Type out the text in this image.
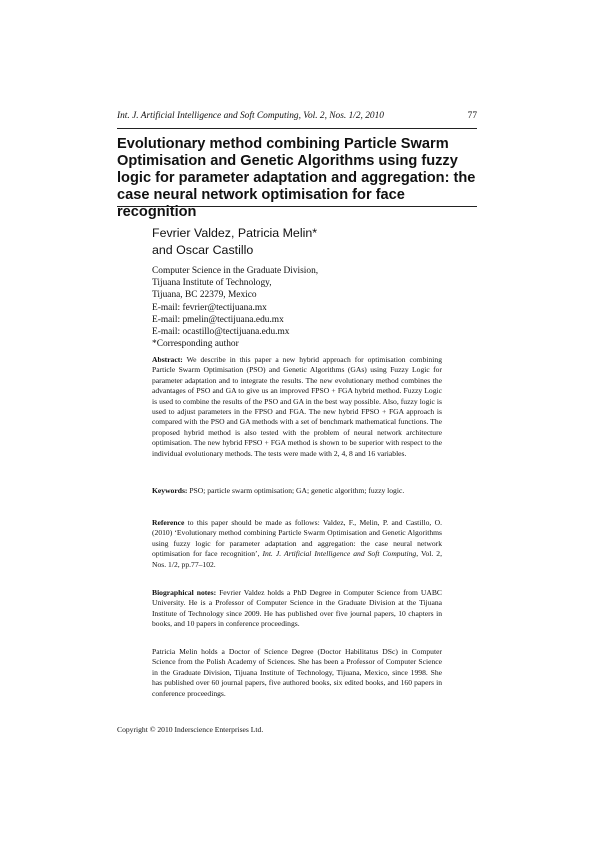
Int. J. Artificial Intelligence and Soft Computing, Vol. 2, Nos. 1/2, 2010	77
Evolutionary method combining Particle Swarm Optimisation and Genetic Algorithms using fuzzy logic for parameter adaptation and aggregation: the case neural network optimisation for face recognition
Fevrier Valdez, Patricia Melin*
and Oscar Castillo
Computer Science in the Graduate Division,
Tijuana Institute of Technology,
Tijuana, BC 22379, Mexico
E-mail: fevrier@tectijuana.mx
E-mail: pmelin@tectijuana.edu.mx
E-mail: ocastillo@tectijuana.edu.mx
*Corresponding author

Abstract: We describe in this paper a new hybrid approach for optimisation combining Particle Swarm Optimisation (PSO) and Genetic Algorithms (GAs) using Fuzzy Logic for parameter adaptation and to integrate the results. The new evolutionary method combines the advantages of PSO and GA to give us an improved FPSO + FGA hybrid method. Fuzzy Logic is used to combine the results of the PSO and GA in the best way possible. Also, fuzzy logic is used to adjust parameters in the FPSO and FGA. The new hybrid FPSO + FGA approach is compared with the PSO and GA methods with a set of benchmark mathematical functions. The proposed hybrid method is also tested with the problem of neural network architecture optimisation. The new hybrid FPSO + FGA method is shown to be superior with respect to the individual evolutionary methods. The tests were made with 2, 4, 8 and 16 variables.

Keywords: PSO; particle swarm optimisation; GA; genetic algorithm; fuzzy logic.

Reference to this paper should be made as follows: Valdez, F., Melin, P. and Castillo, O. (2010) ‘Evolutionary method combining Particle Swarm Optimisation and Genetic Algorithms using fuzzy logic for parameter adaptation and aggregation: the case neural network optimisation for face recognition’, Int. J. Artificial Intelligence and Soft Computing, Vol. 2, Nos. 1/2, pp.77–102.

Biographical notes: Fevrier Valdez holds a PhD Degree in Computer Science from UABC University. He is a Professor of Computer Science in the Graduate Division at the Tijuana Institute of Technology since 2009. He has published over five journal papers, 10 chapters in books, and 10 papers in conference proceedings.

Patricia Melin holds a Doctor of Science Degree (Doctor Habilitatus DSc) in Computer Science from the Polish Academy of Sciences. She has been a Professor of Computer Science in the Graduate Division, Tijuana Institute of Technology, Tijuana, Mexico, since 1998. She has published over 60 journal papers, five authored books, six edited books, and 160 papers in conference proceedings.

Copyright © 2010 Inderscience Enterprises Ltd.
